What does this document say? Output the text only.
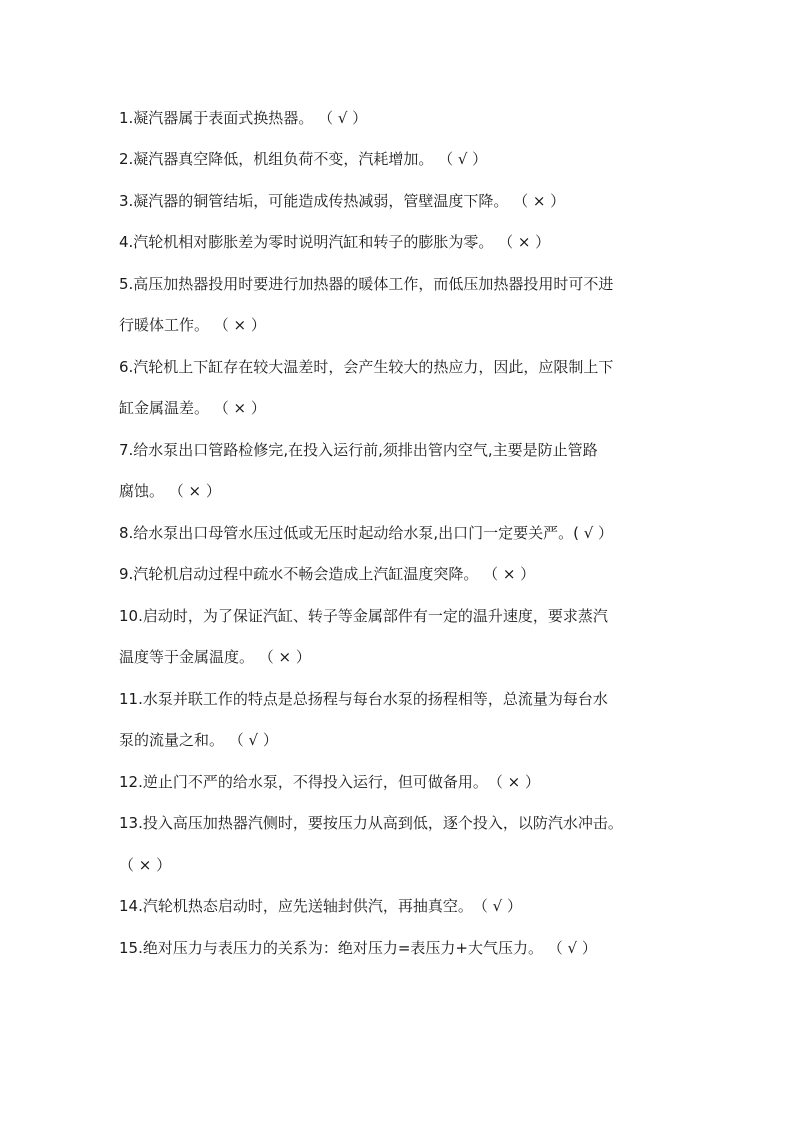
1.凝汽器属于表面式换热器。 （ √ ）
2.凝汽器真空降低，机组负荷不变，汽耗增加。 （ √ ）
3.凝汽器的铜管结垢，可能造成传热减弱，管壁温度下降。 （ × ）
4.汽轮机相对膨胀差为零时说明汽缸和转子的膨胀为零。 （ × ）
5.高压加热器投用时要进行加热器的暖体工作，而低压加热器投用时可不进
行暖体工作。 （ × ）
6.汽轮机上下缸存在较大温差时，会产生较大的热应力，因此，应限制上下
缸金属温差。 （ × ）
7.给水泵出口管路检修完,在投入运行前,须排出管内空气,主要是防止管路
腐蚀。 （ × ）
8.给水泵出口母管水压过低或无压时起动给水泵,出口门一定要关严。( √ ）
9.汽轮机启动过程中疏水不畅会造成上汽缸温度突降。 （ × ）
10.启动时，为了保证汽缸、转子等金属部件有一定的温升速度，要求蒸汽
温度等于金属温度。 （ × ）
11.水泵并联工作的特点是总扬程与每台水泵的扬程相等，总流量为每台水
泵的流量之和。 （ √ ）
12.逆止门不严的给水泵，不得投入运行，但可做备用。　（ × ）
13.投入高压加热器汽侧时，要按压力从高到低，逐个投入，以防汽水冲击。
（ × ）
14.汽轮机热态启动时，应先送轴封供汽，再抽真空。　（ √ ）
15.绝对压力与表压力的关系为：绝对压力=表压力+大气压力。 （ √ ）
